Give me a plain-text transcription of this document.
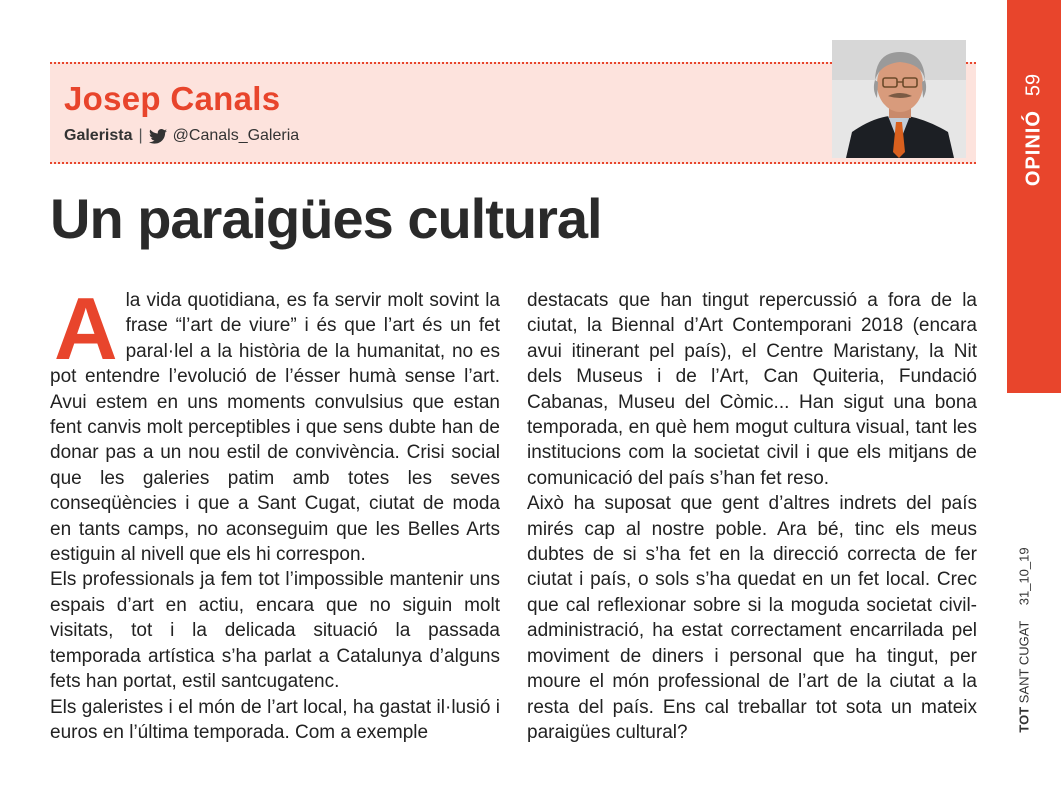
Josep Canals
Galerista | @Canals_Galeria
Un paraigües cultural
A la vida quotidiana, es fa servir molt sovint la frase “l’art de viure” i és que l’art és un fet paral·lel a la història de la humanitat, no es pot entendre l’evolució de l’ésser humà sense l’art. Avui estem en uns moments convulsius que estan fent canvis molt perceptibles i que sens dubte han de donar pas a un nou estil de convivència. Crisi social que les galeries patim amb totes les seves conseqüències i que a Sant Cugat, ciutat de moda en tants camps, no aconseguim que les Belles Arts estiguin al nivell que els hi correspon.

Els professionals ja fem tot l’impossible mantenir uns espais d’art en actiu, encara que no siguin molt visitats, tot i la delicada situació la passada temporada artística s’ha parlat a Catalunya d’alguns fets han portat, estil santcugatenc.

Els galeristes i el món de l’art local, ha gastat il·lusió i euros en l’última temporada. Com a exemple

destacats que han tingut repercussió a fora de la ciutat, la Biennal d’Art Contemporani 2018 (encara avui itinerant pel país), el Centre Maristany, la Nit dels Museus i de l’Art, Can Quiteria, Fundació Cabanas, Museu del Còmic... Han sigut una bona temporada, en què hem mogut cultura visual, tant les institucions com la societat civil i que els mitjans de comunicació del país s’han fet reso.

Això ha suposat que gent d’altres indrets del país mirés cap al nostre poble. Ara bé, tinc els meus dubtes de si s’ha fet en la direcció correcta de fer ciutat i país, o sols s’ha quedat en un fet local. Crec que cal reflexionar sobre si la moguda societat civil-administració, ha estat correctament encarrilada pel moviment de diners i personal que ha tingut, per moure el món professional de l’art de la ciutat a la resta del país. Ens cal treballar tot sota un mateix paraigües cultural?

OPINIÓ59
TOT SANT CUGAT 31_10_19
